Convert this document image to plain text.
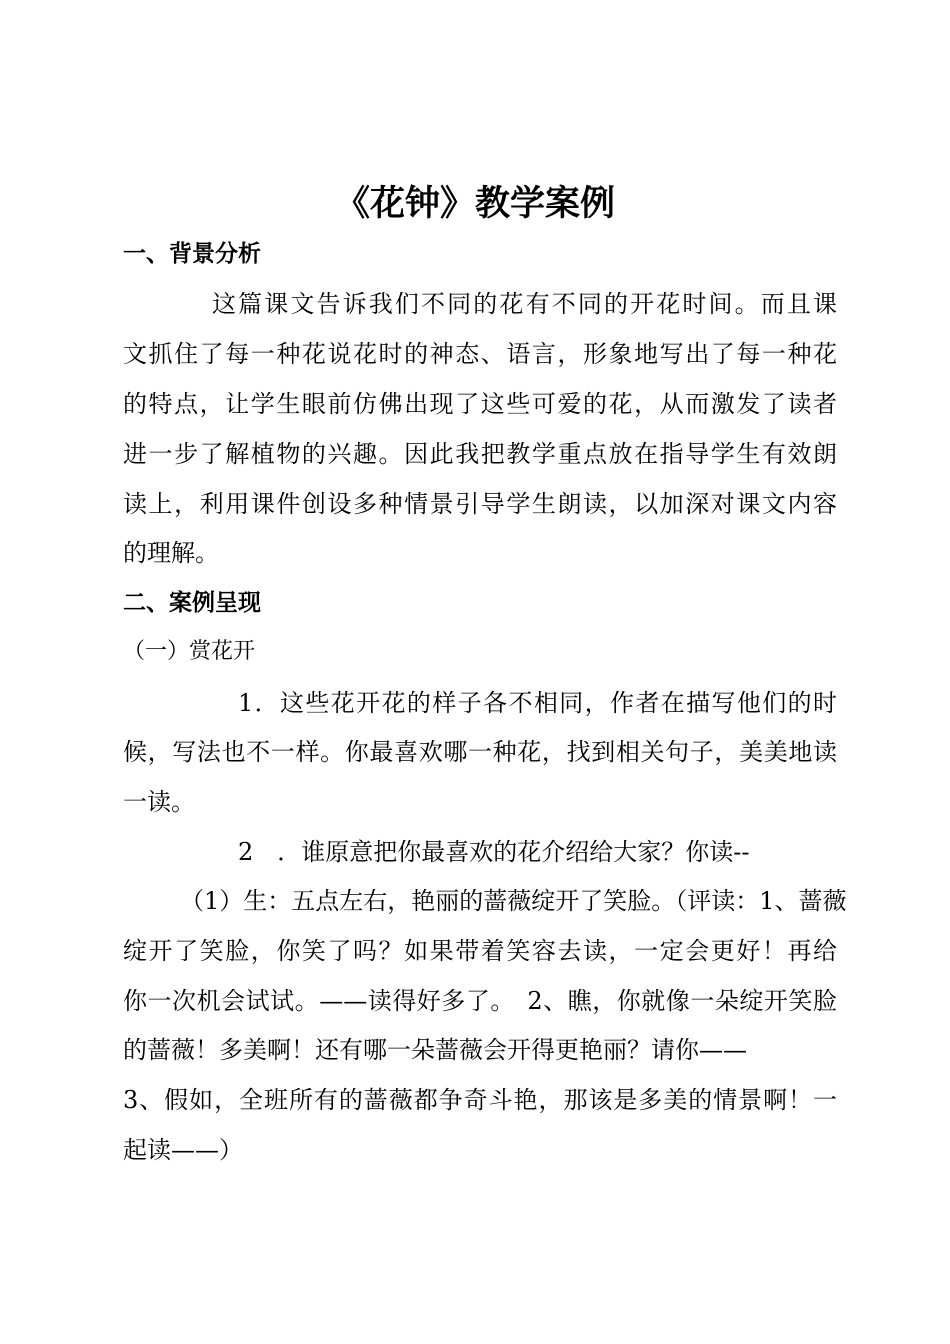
《花钟》教学案例
一、背景分析
这篇课文告诉我们不同的花有不同的开花时间。而且课
文抓住了每一种花说花时的神态、语言，形象地写出了每一种花
的特点，让学生眼前仿佛出现了这些可爱的花，从而激发了读者
进一步了解植物的兴趣。因此我把教学重点放在指导学生有效朗
读上，利用课件创设多种情景引导学生朗读，以加深对课文内容
的理解。
二、案例呈现
（一）赏花开
1．这些花开花的样子各不相同，作者在描写他们的时
候，写法也不一样。你最喜欢哪一种花，找到相关句子，美美地读
一读。
2　．谁原意把你最喜欢的花介绍给大家？你读--
（1）生：五点左右，艳丽的蔷薇绽开了笑脸。（评读：1、蔷薇
绽开了笑脸，你笑了吗？如果带着笑容去读，一定会更好！再给
你一次机会试试。——读得好多了。　2、瞧，你就像一朵绽开笑脸
的蔷薇！多美啊！还有哪一朵蔷薇会开得更艳丽？请你——
3、假如，全班所有的蔷薇都争奇斗艳，那该是多美的情景啊！一
起读——）
